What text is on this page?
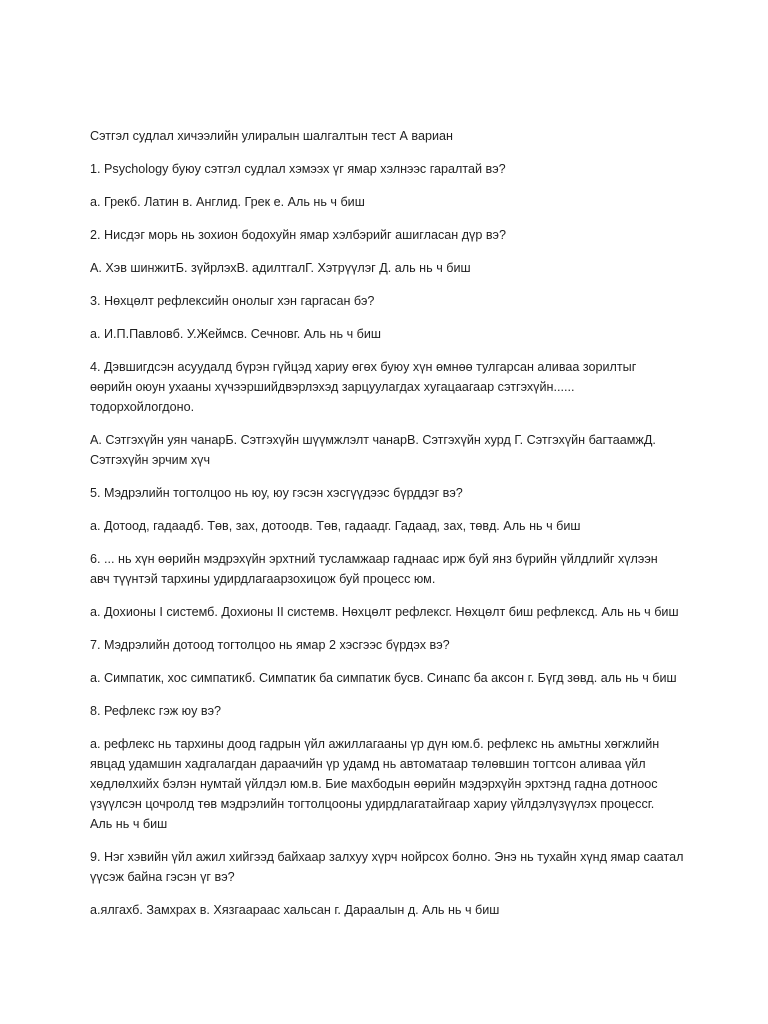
Сэтгэл судлал хичээлийн улиралын шалгалтын тест А вариан

1. Psychology буюу сэтгэл судлал хэмээх үг ямар хэлнээс гаралтай вэ?

а. Грекб. Латин в. Англид. Грек е. Аль нь ч биш

2. Нисдэг морь нь зохион бодохуйн ямар хэлбэрийг ашигласан дүр вэ?

А. Хэв шинжитБ. зүйрлэхВ. адилтгалГ. Хэтрүүлэг Д. аль нь ч биш

3. Нөхцөлт рефлексийн онолыг хэн гаргасан бэ?

а. И.П.Павловб. У.Жеймсв. Сечновг. Аль нь ч биш

4. Дэвшигдсэн асуудалд бүрэн гүйцэд хариу өгөх буюу хүн өмнөө тулгарсан аливаа зорилтыг
өөрийн оюун ухааны хүчээршийдвэрлэхэд зарцуулагдах хугацаагаар сэтгэхүйн......
тодорхойлогдоно.

А. Сэтгэхүйн уян чанарБ. Сэтгэхүйн шүүмжлэлт чанарВ. Сэтгэхүйн хурд Г. Сэтгэхүйн багтаамжД.
Сэтгэхүйн эрчим хүч

5. Мэдрэлийн тогтолцоо нь юу, юу гэсэн хэсгүүдээс бүрддэг вэ?

а. Дотоод, гадаадб. Төв, зах, дотоодв. Төв, гадаадг. Гадаад, зах, төвд. Аль нь ч биш

6. ... нь хүн өөрийн мэдрэхүйн эрхтний тусламжаар гаднаас ирж буй янз бүрийн үйлдлийг хүлээн
авч түүнтэй тархины удирдлагаарзохицож буй процесс юм.

а. Дохионы I системб. Дохионы II системв. Нөхцөлт рефлексг. Нөхцөлт биш рефлексд. Аль нь ч биш

7. Мэдрэлийн дотоод тогтолцоо нь ямар 2 хэсгээс бүрдэх вэ?

а. Симпатик, хос симпатикб. Симпатик ба симпатик бусв. Синапс ба аксон г. Бүгд зөвд. аль нь ч биш

8. Рефлекс гэж юу вэ?

а. рефлекс нь тархины доод гадрын үйл ажиллагааны үр дүн юм.б. рефлекс нь амьтны хөгжлийн
явцад удамшин хадгалагдан дараачийн үр удамд нь автоматаар төлөвшин тогтсон аливаа үйл
хөдлөлхийх бэлэн нумтай үйлдэл юм.в. Бие махбодын өөрийн мэдэрхүйн эрхтэнд гадна дотноос
үзүүлсэн цочролд төв мэдрэлийн тогтолцооны удирдлагатайгаар хариу үйлдэлүзүүлэх процессг.
Аль нь ч биш

9. Нэг хэвийн үйл ажил хийгээд байхаар залхуу хүрч нойрсох болно. Энэ нь тухайн хүнд ямар саатал
үүсэж байна гэсэн үг вэ?

а.ялгахб. Замхрах в. Хязгаараас хальсан г. Дараалын д. Аль нь ч биш
